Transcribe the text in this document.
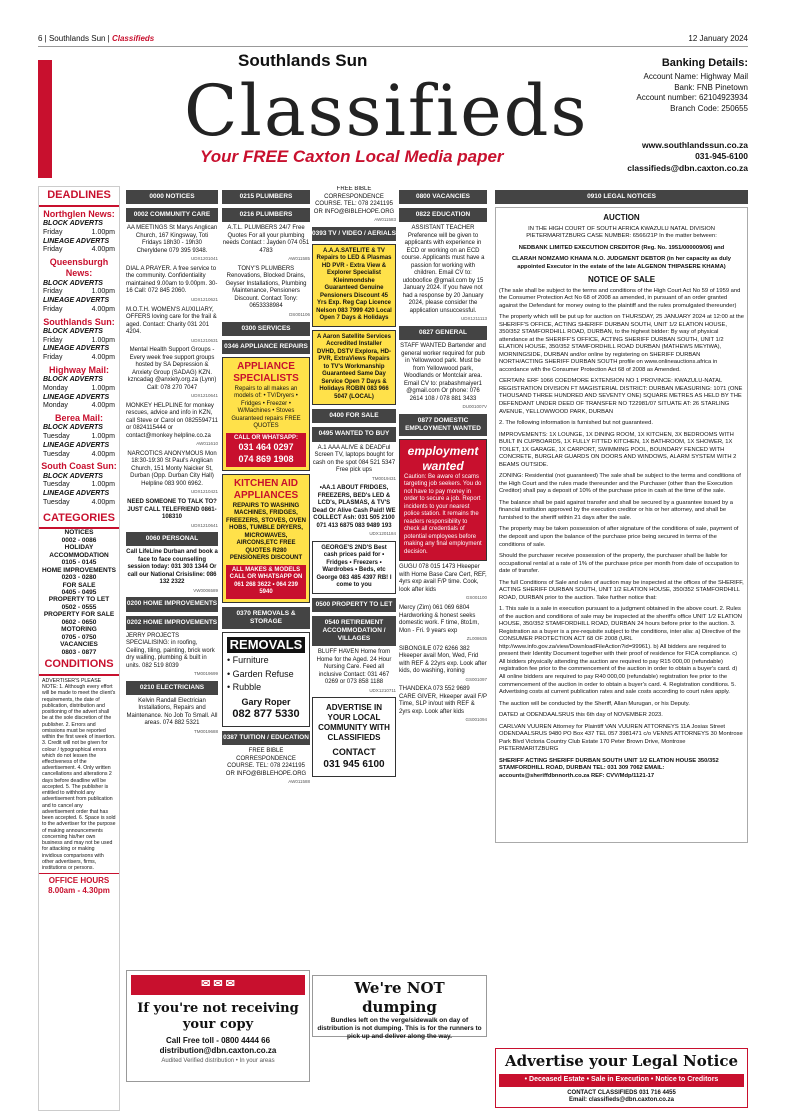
6 | Southlands Sun | Classifieds	12 January 2024
Southlands Sun
Classifieds
Your FREE Caxton Local Media paper
Banking Details:
Account Name: Highway Mail
Bank: FNB Pinetown
Account number: 62104923934
Branch Code: 250655
www.southlandssun.co.za
031-945-6100
classifieds@dbn.caxton.co.za
DEADLINES
Northglen News:
BLOCK ADVERTS
Friday	1.00pm
LINEAGE ADVERTS
Friday	4.00pm
Queensburgh News:
BLOCK ADVERTS
Friday	1.00pm
LINEAGE ADVERTS
Friday	4.00pm
Southlands Sun:
BLOCK ADVERTS
Friday	1.00pm
LINEAGE ADVERTS
Friday	4.00pm
Highway Mail:
BLOCK ADVERTS
Monday	1.00pm
LINEAGE ADVERTS
Monday	4.00pm
Berea Mail:
BLOCK ADVERTS
Tuesday	1.00pm
LINEAGE ADVERTS
Tuesday	4.00pm
South Coast Sun:
BLOCK ADVERTS
Tuesday	1.00pm
LINEAGE ADVERTS
Tuesday	4.00pm
CATEGORIES
NOTICES
0002 - 0086
HOLIDAY ACCOMMODATION
0105 - 0145
HOME IMPROVEMENTS
0203 - 0280
FOR SALE
0405 - 0495
PROPERTY TO LET
0502 - 0555
PROPERTY FOR SALE
0602 - 0650
MOTORING
0705 - 0750
VACANCIES
0803 - 0877
CONDITIONS
ADVERTISER'S PLEASE NOTE: 1. Although every effort will be made to meet the client's requirements, the date of publication, distribution and positioning of the advert shall be at the sole discretion of the publisher. 2. Errors and omissions must be reported within the first week of insertion. 3. Credit will not be given for colour / typographical errors which do not lessen the effectiveness of the advertisement. 4. Only written cancellations and alterations 2 days before deadline will be accepted. 5. The publisher is entitled to withhold any advertisement from publication and to cancel any advertisement order that has been accepted. 6. Space is sold to the advertiser for the purpose of making announcements concerning his/her own business and may not be used for attacking or making invidious comparisons with other advertisers, firms, institutions or persons.
OFFICE HOURS
8.00am - 4.30pm
0000 NOTICES
0002 COMMUNITY CARE
AA MEETINGS St Marys Anglican Church, 167 Kingsway, Toti Fridays 18h30 - 19h30 Cheryldene 079 395 9348.
UDX1201041
DIAL A PRAYER. A free service to the community. Confidentiality maintained 9.00am to 9.00pm. 30-16 Call: 072 845 2060.
UDX1210621
M.O.T.H. WOMEN'S AUXILIARY, OFFERS loving care for the frail & aged. Contact: Charity 031 201 4204.
UDX1210631
Mental Health Support Groups - Every week free support groups hosted by SA Depression & Anxiety Group (SADAG) KZN. kzncadag @anxiety.org.za (Lynn) Call: 078 270 7047
UDX1210641
MONKEY HELPLINE for monkey rescues, advice and info in KZN, call Steve or Carol on 0825594711 or 0824115444 or contact@monkey helpline.co.za
AW011610
NARCOTICS ANONYMOUS Mon 18:30-19:30 St Paul's Anglican Church, 151 Monty Naicker St, Durban (Opp. Durban City Hall) Helpline 083 900 6962.
UDX1210421
NEED SOMEONE TO TALK TO? JUST CALL TELEFRIEND 0861-108310
UDX1210641
0060 PERSONAL
Call LifeLine Durban and book a face to face counselling session today: 031 303 1344 Or call our National Crisisline: 086 132 2322
VW0006589
0200 HOME IMPROVEMENTS
0202 HOME IMPROVEMENTS
JERRY PROJECTS SPECIALISING: in roofing, Ceiling, tiling, painting, brick work dry walling, plumbing & built in units. 082 519 8039
TM0019699
0210 ELECTRICIANS
Kelvin Randall Electrician Installations, Repairs and Maintenance. No Job To Small. All areas. 074 882 5321
TM0019688
0215 PLUMBERS
0216 PLUMBERS
A.T.L. PLUMBERS 24/7 Free Quotes For all your plumbing needs Contact : Jayden 074 051 4783
AW011585
TONY'S PLUMBERS Renovations, Blocked Drains, Geyser Installations, Plumbing Maintenance, Pensioners Discount. Contact Tony: 0653338984
DS001106
0300 SERVICES
0346 APPLIANCE REPAIRS
APPLIANCE SPECIALISTS
Repairs to all makes an models of: • TV/Dryers • Fridges • Freezer • W/Machines • Stoves Guaranteed repairs FREE QUOTES
CALL OR WHATSAPP:
031 464 0297
074 869 1908
KITCHEN AID APPLIANCES
REPAIRS TO WASHING MACHINES, FRIDGES, FREEZERS, STOVES, OVEN HOBS, TUMBLE DRYERS, MICROWAVES, AIRCONS,ETC FREE QUOTES R280 PENSIONERS DISCOUNT
ALL MAKES & MODELS CALL OR WHATSAPP ON 061 268 3622 • 064 239 5940
0370 REMOVALS & STORAGE
REMOVALS
• Furniture
• Garden Refuse
• Rubble
Gary Roper
082 877 5330
0387 TUITION / EDUCATION
FREE BIBLE CORRESPONDENCE COURSE. TEL: 078 2241195 OR INFO@BIBLEHOPE.ORG
AW011588
FREE BIBLE CORRESPONDENCE COURSE. TEL: 078 2241195 OR INFO@BIBLEHOPE.ORG
AW011583
0393 TV / VIDEO / AERIALS
A.A.A.SATELITE & TV Repairs to LED & Plasmas HD PVR - Extra View & Explorer Specialist Kleinmondshe Guaranteed Genuine Pensioners Discount 45 Yrs Exp. Reg Cap Licence Nelson 083 7999 420 Local Open 7 Days & Holidays
A Aaron Satellite Services Accredited Installer DVHD, DSTV Explora, HD-PVR, ExtraViews Repairs to TV's Workmanship Guaranteed Same Day Service Open 7 Days & Holidays ROBIN 083 966 5047 (LOCAL)
0400 FOR SALE
0495 WANTED TO BUY
A.1 AAA ALIVE & DEADFul Screen TV, laptops bought for cash on the spot 084 521 5347 Free pick ups
TM0019431
•AA.1 ABOUT FRIDGES, FREEZERS, BED's LED & LCD's, PLASMAS, & TV'S Dead Or Alive Cash Paid! WE COLLECT Ash: 031 505 2100 071 413 6875 083 9489 193
UDX1201184
GEORGE'S 2ND'S Best cash prices paid for • Fridges • Freezers • Wardrobes • Beds, etc George 083 485 4397 RB! I come to you
0500 PROPERTY TO LET
0540 RETIREMENT ACCOMMODATION / VILLAGES
BLUFF HAVEN Home from Home for the Aged. 24 Hour Nursing Care. Feed all inclusive Contact: 031 467 0269 or 073 858 1188
UDX1210711
ADVERTISE IN YOUR LOCAL COMMUNITY WITH CLASSIFIEDS
CONTACT
031 945 6100
0800 VACANCIES
0822 EDUCATION
ASSISTANT TEACHER Preference will be given to applicants with experience in ECD or working on an ECD course. Applicants must have a passion for working with children. Email CV to: udoboofice @gmail.com by 15 January 2024. If you have not had a response by 20 January 2024, please consider the application unsuccessful.
UDX1211113
0827 GENERAL
STAFF WANTED Bartender and general worker required for pub in Yellowwood park. Must be from Yellowwood park, Woodlands or Montclair area. Email CV to: prabashmaiyer1 @gmail.com Or phone: 076 2614 108 / 078 881 3433
DU001007V
0877 DOMESTIC EMPLOYMENT WANTED
employment wanted
Caution: Be aware of scams targeting job seekers. You do not have to pay money in order to secure a job. Report incidents to your nearest police station. It remains the readers responsibility to check all credentials of potential employees before making any final employment decision.
GUGU 078 015 1473 Hkeeper with Home Base Care Cert, REF, 4yrs exp avail F/P time. Cook, look after kids
GS001100
Mercy (Zim) 061 069 6804 Hardworking & honest seeks domestic work. F time, 8to1m, Mon - Fri. 9 years exp
ZL008635
SIBONGILE 072 6266 382 Hkeeper avail Mon, Wed, Frid with REF & 22yrs exp. Look after kids, do washing, ironing
GS001097
THANDEKA 073 552 9689 CARE GIVER, Hkeeper avail F/P Time, SLP in/out with REF & 2yrs exp. Look after kids
GS001094
0910 LEGAL NOTICES
AUCTION

IN THE HIGH COURT OF SOUTH AFRICA KWAZULU NATAL DIVISION PIETERMARITZBURG CASE NUMBER: 6566/21P In the matter between:

NEDBANK LIMITED EXECUTION CREDITOR (Reg. No. 1951/000009/06) and

CLARAH NOMZAMO KHAMA N.O. JUDGMENT DEBTOR (in her capacity as duly appointed Executor in the estate of the late ALGENON THIPASERE KHAMA)

NOTICE OF SALE

(The sale shall be subject to the terms and conditions of the High Court Act No 59 of 1959 and the Consumer Protection Act No 68 of 2008 as amended, in pursuant of an order granted against the Defendant for money owing to the plaintiff and the rules promulgated thereunder)

The property which will be put up for auction on THURSDAY, 25 JANUARY 2024 at 12:00 at the SHERIFF'S OFFICE, ACTING SHERIFF DURBAN SOUTH, UNIT 1/2 ELATION HOUSE, 350/352 STAMFORDHILL ROAD, DURBAN, to the highest bidder: By way of physical attendance at the SHERIFF'S OFFICE, ACTING SHERIFF DURBAN SOUTH, UNIT 1/2 ELATION HOUSE, 350/352 STAMFORDHILL ROAD DURBAN (MATHEWS MEYIWA), MORNINGSIDE, DURBAN and/or online by registering on SHERIFF DURBAN NORTH/ACTING SHERIFF DURBAN SOUTH profile on www.onlineauctions.africa in accordance with the Consumer Protection Act 68 of 2008 as Amended.

CERTAIN: ERF 1066 COEDMORE EXTENSION NO 1 PROVINCE: KWAZULU-NATAL REGISTRATION DIVISION FT MAGISTERIAL DISTRICT: DURBAN MEASURING: 1071 (ONE THOUSAND THREE HUNDRED AND SEVENTY ONE) SQUARE METRES AS HELD BY THE DEFENDANT UNDER DEED OF TRANSFER NO T22981/07 SITUATE AT: 26 STARLING AVENUE, YELLOWWOOD PARK, DURBAN

2. The following information is furnished but not guaranteed.

IMPROVEMENTS: 1X LOUNGE, 1X DINING ROOM, 1X KITCHEN, 3X BEDROOMS WITH BUILT IN CUPBOARDS, 1X FULLY FITTED KITCHEN, 1X BATHROOM, 1X SHOWER, 1X TOILET, 1X GARAGE, 1X CARPORT, SWIMMING POOL, BOUNDARY FENCED WITH CONCRETE, BURGLAR GUARDS ON DOORS AND WINDOWS, ALARM SYSTEM WITH 2 BEAMS OUTSIDE.

ZONING: Residential (not guaranteed) The sale shall be subject to the terms and conditions of the High Court and the rules made thereunder and the Purchaser (other than the Execution Creditor) shall pay a deposit of 10% of the purchase price in cash at the time of the sale.

The balance shall be paid against transfer and shall be secured by a guarantee issued by a financial institution approved by the execution creditor or his or her attorney, and shall be furnished to the sheriff within 21 days after the sale.

The property may be taken possession of after signature of the conditions of sale, payment of the deposit and upon the balance of the purchase price being secured in terms of the conditions of sale.

Should the purchaser receive possession of the property, the purchaser shall be liable for occupational rental at a rate of 1% of the purchase price per month from date of occupation to date of transfer.

The full Conditions of Sale and rules of auction may be inspected at the offices of the SHERIFF, ACTING SHERIFF DURBAN SOUTH, UNIT 1/2 ELATION HOUSE, 350/352 STAMFORDHILL ROAD, DURBAN prior to the auction. Take further notice that:

1. This sale is a sale in execution pursuant to a judgment obtained in the above court. 2. Rules of the auction and conditions of sale may be inspected at the sheriff's office UNIT 1/2 ELATION HOUSE, 350/352 STAMFORDHILL ROAD, DURBAN 24 hours before prior to the auction. 3. Registration as a buyer is a pre-requisite subject to the conditions, inter alia: a) Directive of the CONSUMER PROTECTION ACT 68 OF 2008 (URL http://www.info.gov.za/view/DownloadFileAction?id=99961). b) All bidders are required to present their Identity Document together with their proof of residence for FICA compliance. c) All bidders physically attending the auction are required to pay R15 000,00 (refundable) registration fee prior to the commencement of the auction in order to obtain a buyer's card. d) All online bidders are required to pay R40 000,00 (refundable) registration fee prior to the commencement of the auction in order to obtain a buyer's card. 4. Registration conditions. 5. Advertising costs at current publication rates and sale costs according to court rules apply.

The auction will be conducted by the Sheriff, Allan Murugan, or his Deputy.

DATED at ODENDAALSRUS this 6th day of NOVEMBER 2023.

CARLVAN VUUREN Attorney for Plaintiff VAN VUUREN ATTORNEYS 11A Josias Street ODENDAALSRUS 9480 PO Box 437 TEL 057 3981471 c/o VENNS ATTORNEYS 30 Montrose Park Blvd Victoria Country Club Estate 170 Peter Brown Drive, Montrose PIETERMARITZBURG

SHERIFF ACTING SHERIFF DURBAN SOUTH UNIT 1/2 ELATION HOUSE 350/352 STAMFORDHILL ROAD, DURBAN TEL: 031 309 7062 EMAIL: accounts@sheriffdbnnorth.co.za REF: CVV/Mdp/1121-17

✉ ✉ ✉
If you're not receiving your copy
Call Free toll - 0800 4444 66
distribution@dbn.caxton.co.za
Audited Verified distribution • In your areas
We're NOT dumping
Bundles left on the verge/sidewalk on day of distribution is not dumping. This is for the runners to pick up and deliver along the way.
Advertise your Legal Notice
• Deceased Estate • Sale in Execution • Notice to Creditors
CONTACT CLASSIFIEDS 031 716 4455
Email: classifieds@dbn.caxton.co.za
